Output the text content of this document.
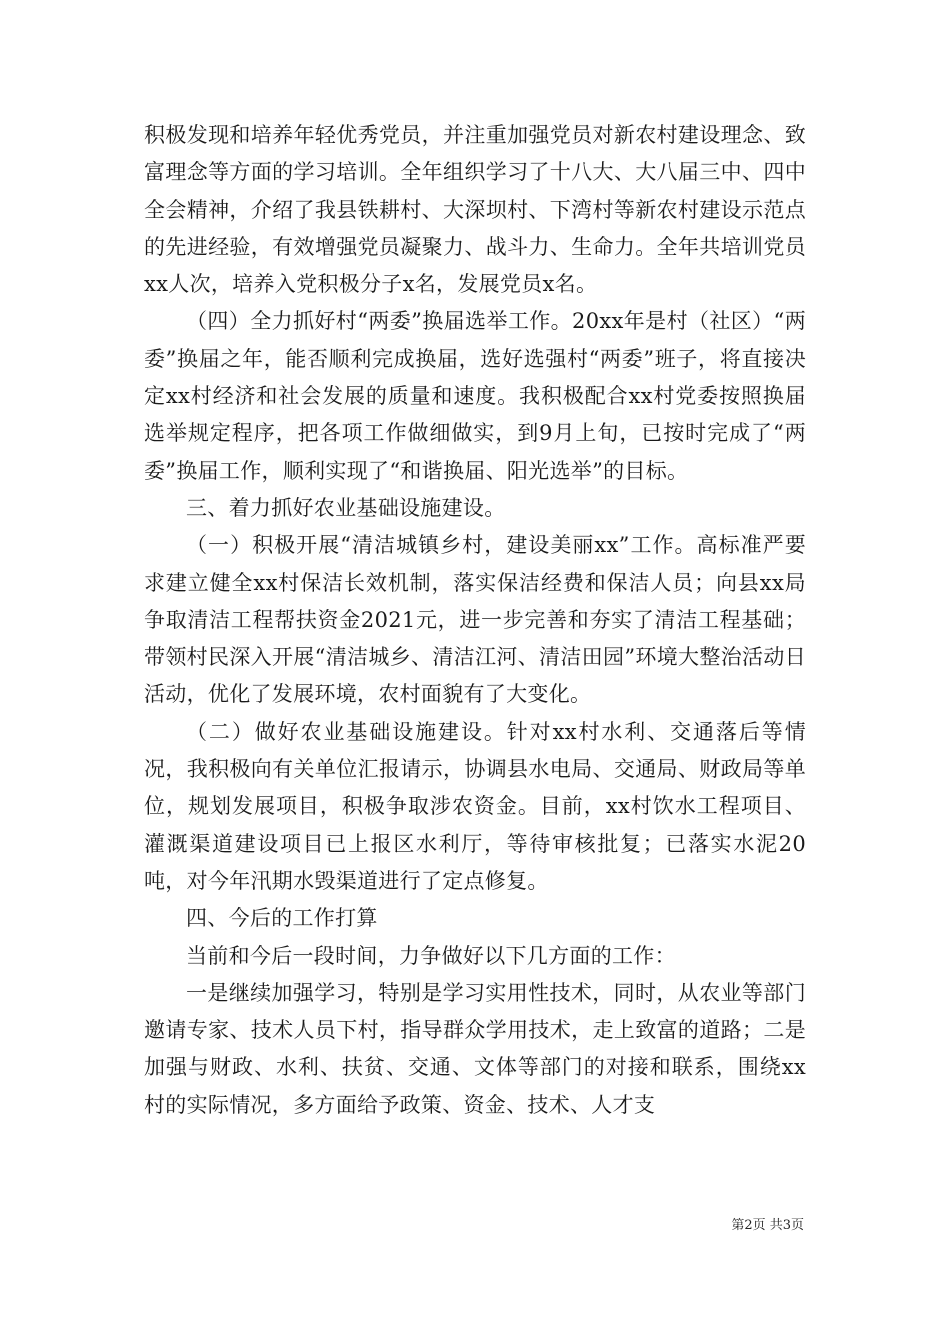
积极发现和培养年轻优秀党员，并注重加强党员对新农村建设理念、致富理念等方面的学习培训。全年组织学习了十八大、大八届三中、四中全会精神，介绍了我县铁耕村、大深坝村、下湾村等新农村建设示范点的先进经验，有效增强党员凝聚力、战斗力、生命力。全年共培训党员xx人次，培养入党积极分子x名，发展党员x名。

（四）全力抓好村“两委”换届选举工作。20xx年是村（社区）“两委”换届之年，能否顺利完成换届，选好选强村“两委”班子，将直接决定xx村经济和社会发展的质量和速度。我积极配合xx村党委按照换届选举规定程序，把各项工作做细做实，到9月上旬，已按时完成了“两委”换届工作，顺利实现了“和谐换届、阳光选举”的目标。

三、着力抓好农业基础设施建设。

（一）积极开展“清洁城镇乡村，建设美丽xx”工作。高标准严要求建立健全xx村保洁长效机制，落实保洁经费和保洁人员；向县xx局争取清洁工程帮扶资金2021元，进一步完善和夯实了清洁工程基础；带领村民深入开展“清洁城乡、清洁江河、清洁田园”环境大整治活动日活动，优化了发展环境，农村面貌有了大变化。

（二）做好农业基础设施建设。针对xx村水利、交通落后等情况，我积极向有关单位汇报请示，协调县水电局、交通局、财政局等单位，规划发展项目，积极争取涉农资金。目前，xx村饮水工程项目、灌溉渠道建设项目已上报区水利厅，等待审核批复；已落实水泥20吨，对今年汛期水毁渠道进行了定点修复。

四、今后的工作打算

当前和今后一段时间，力争做好以下几方面的工作：

一是继续加强学习，特别是学习实用性技术，同时，从农业等部门邀请专家、技术人员下村，指导群众学用技术，走上致富的道路；二是加强与财政、水利、扶贫、交通、文体等部门的对接和联系，围绕xx村的实际情况，多方面给予政策、资金、技术、人才支

第2页 共3页
